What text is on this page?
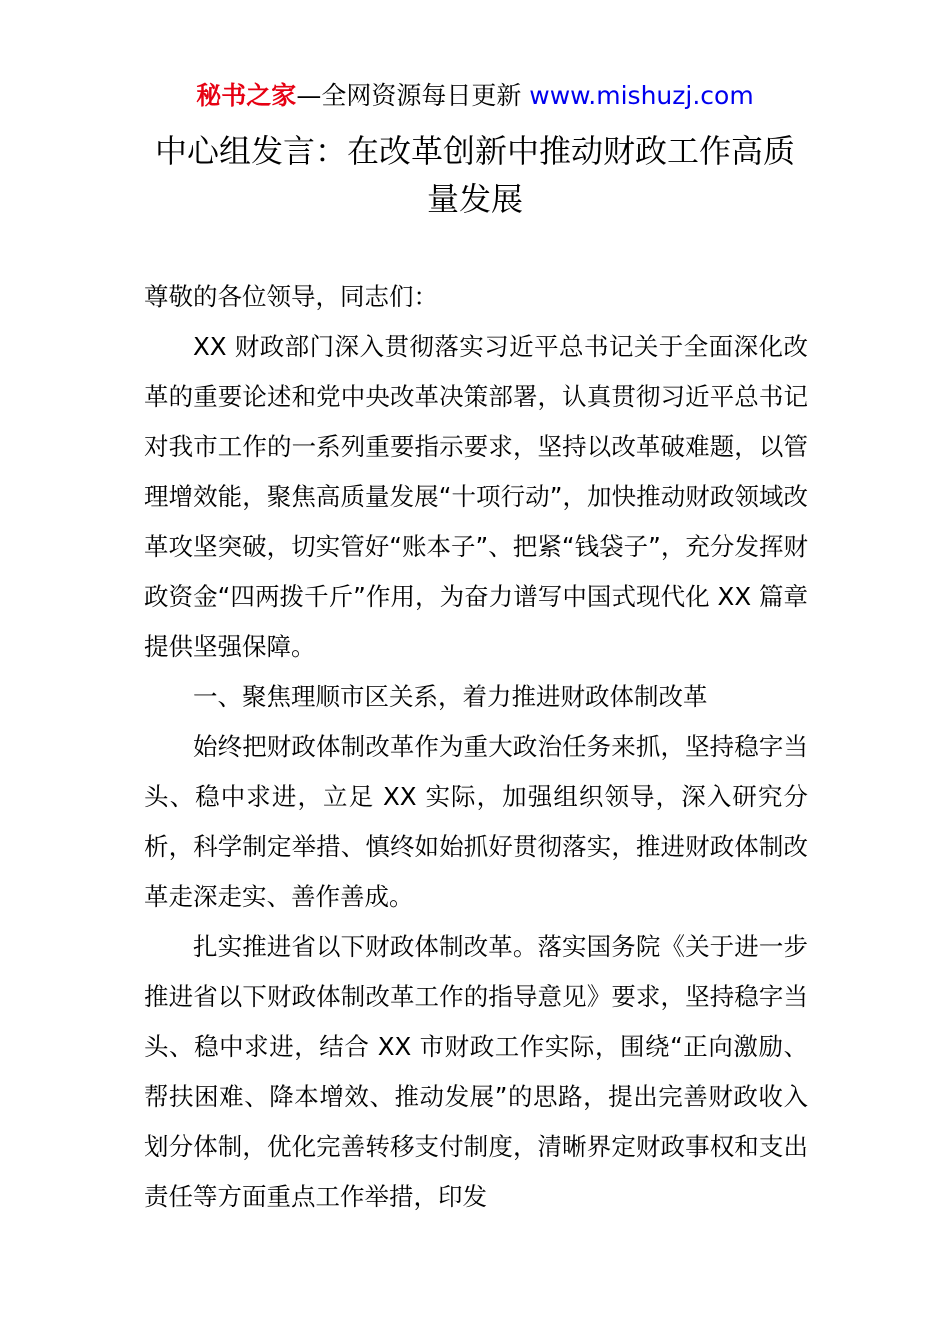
秘书之家—全网资源每日更新 www.mishuzj.com
中心组发言：在改革创新中推动财政工作高质量发展

尊敬的各位领导，同志们：

XX 财政部门深入贯彻落实习近平总书记关于全面深化改革的重要论述和党中央改革决策部署，认真贯彻习近平总书记对我市工作的一系列重要指示要求，坚持以改革破难题，以管理增效能，聚焦高质量发展“十项行动”，加快推动财政领域改革攻坚突破，切实管好“账本子”、把紧“钱袋子”，充分发挥财政资金“四两拨千斤”作用，为奋力谱写中国式现代化 XX 篇章提供坚强保障。

一、聚焦理顺市区关系，着力推进财政体制改革

始终把财政体制改革作为重大政治任务来抓，坚持稳字当头、稳中求进，立足 XX 实际，加强组织领导，深入研究分析，科学制定举措、慎终如始抓好贯彻落实，推进财政体制改革走深走实、善作善成。

扎实推进省以下财政体制改革。落实国务院《关于进一步推进省以下财政体制改革工作的指导意见》要求，坚持稳字当头、稳中求进，结合 XX 市财政工作实际，围绕“正向激励、帮扶困难、降本增效、推动发展”的思路，提出完善财政收入划分体制，优化完善转移支付制度，清晰界定财政事权和支出责任等方面重点工作举措，印发
